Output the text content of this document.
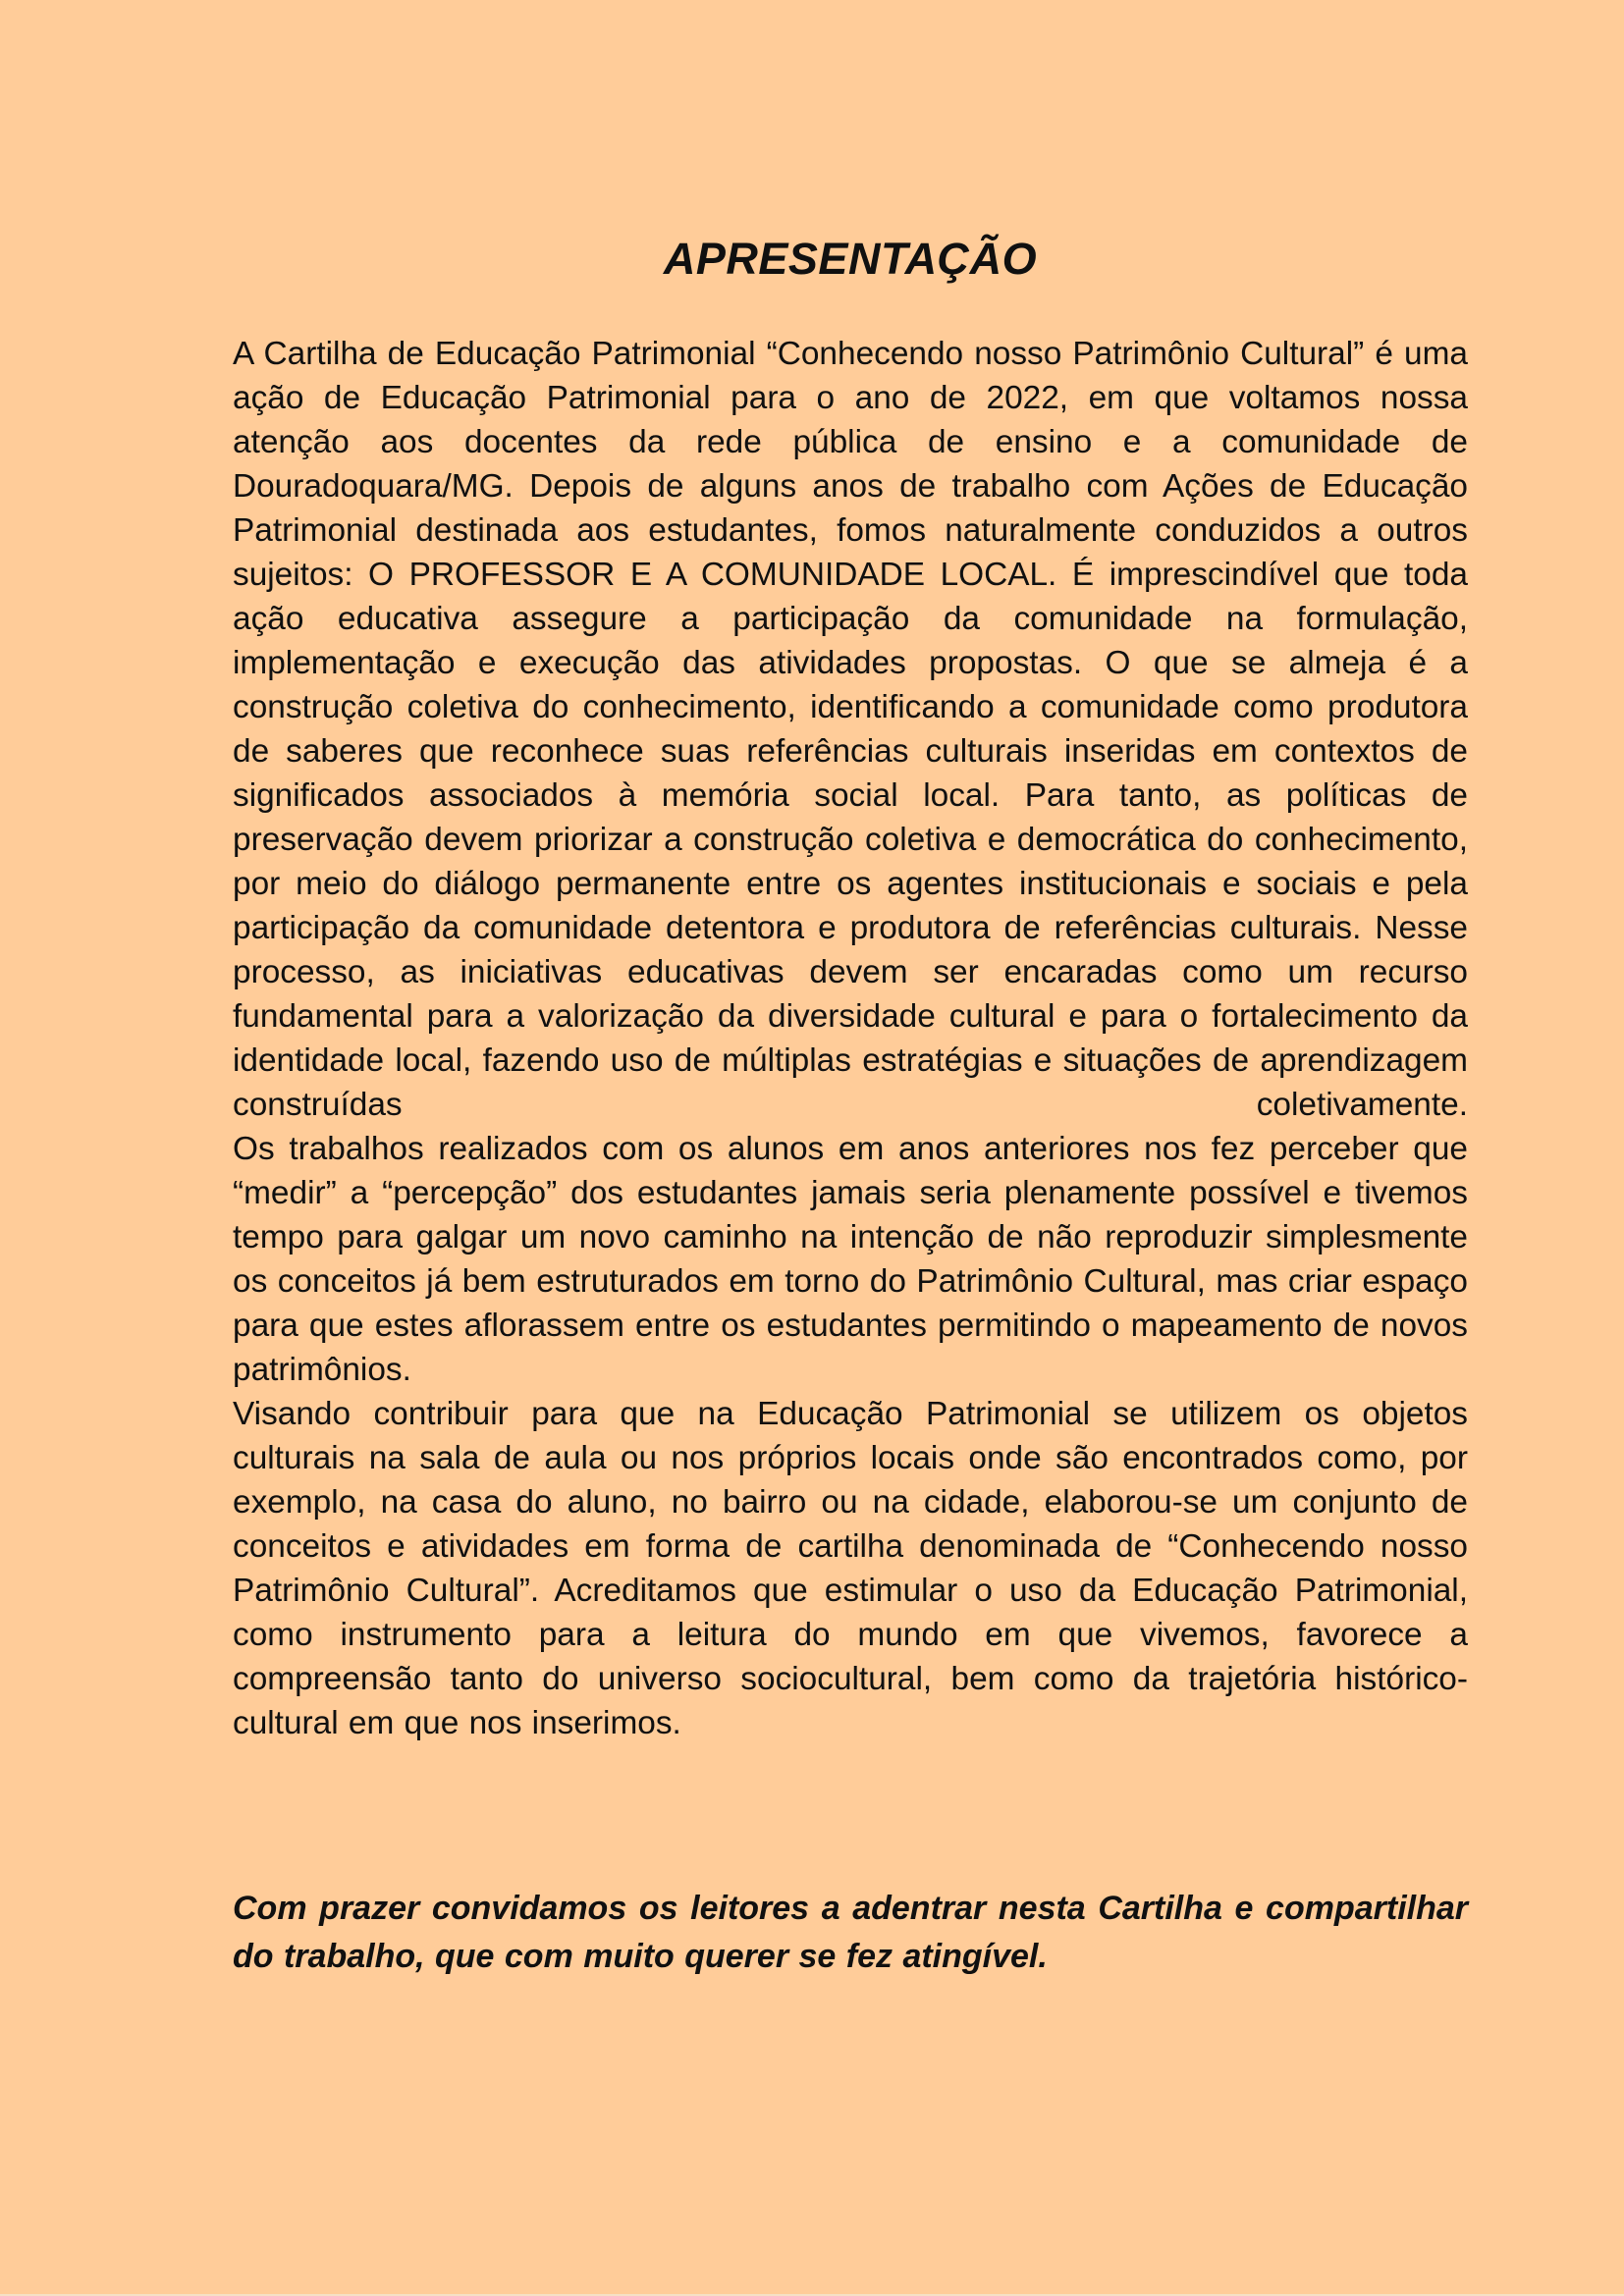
APRESENTAÇÃO

A Cartilha de Educação Patrimonial “Conhecendo nosso Patrimônio Cultural” é uma ação de Educação Patrimonial para o ano de 2022, em que voltamos nossa atenção aos docentes da rede pública de ensino e a comunidade de Douradoquara/MG. Depois de alguns anos de trabalho com Ações de Educação Patrimonial destinada aos estudantes, fomos naturalmente conduzidos a outros sujeitos: O PROFESSOR E A COMUNIDADE LOCAL. É imprescindível que toda ação educativa assegure a participação da comunidade na formulação, implementação e execução das atividades propostas. O que se almeja é a construção coletiva do conhecimento, identificando a comunidade como produtora de saberes que reconhece suas referências culturais inseridas em contextos de significados associados à memória social local. Para tanto, as políticas de preservação devem priorizar a construção coletiva e democrática do conhecimento, por meio do diálogo permanente entre os agentes institucionais e sociais e pela participação da comunidade detentora e produtora de referências culturais. Nesse processo, as iniciativas educativas devem ser encaradas como um recurso fundamental para a valorização da diversidade cultural e para o fortalecimento da identidade local, fazendo uso de múltiplas estratégias e situações de aprendizagem construídas coletivamente.

Os trabalhos realizados com os alunos em anos anteriores nos fez perceber que “medir” a “percepção” dos estudantes jamais seria plenamente possível e tivemos tempo para galgar um novo caminho na intenção de não reproduzir simplesmente os conceitos já bem estruturados em torno do Patrimônio Cultural, mas criar espaço para que estes aflorassem entre os estudantes permitindo o mapeamento de novos patrimônios.

Visando contribuir para que na Educação Patrimonial se utilizem os objetos culturais na sala de aula ou nos próprios locais onde são encontrados como, por exemplo, na casa do aluno, no bairro ou na cidade, elaborou-se um conjunto de conceitos e atividades em forma de cartilha denominada de “Conhecendo nosso Patrimônio Cultural”. Acreditamos que estimular o uso da Educação Patrimonial, como instrumento para a leitura do mundo em que vivemos, favorece a compreensão tanto do universo sociocultural, bem como da trajetória histórico-cultural em que nos inserimos.

Com prazer convidamos os leitores a adentrar nesta Cartilha e compartilhar do trabalho, que com muito querer se fez atingível.
